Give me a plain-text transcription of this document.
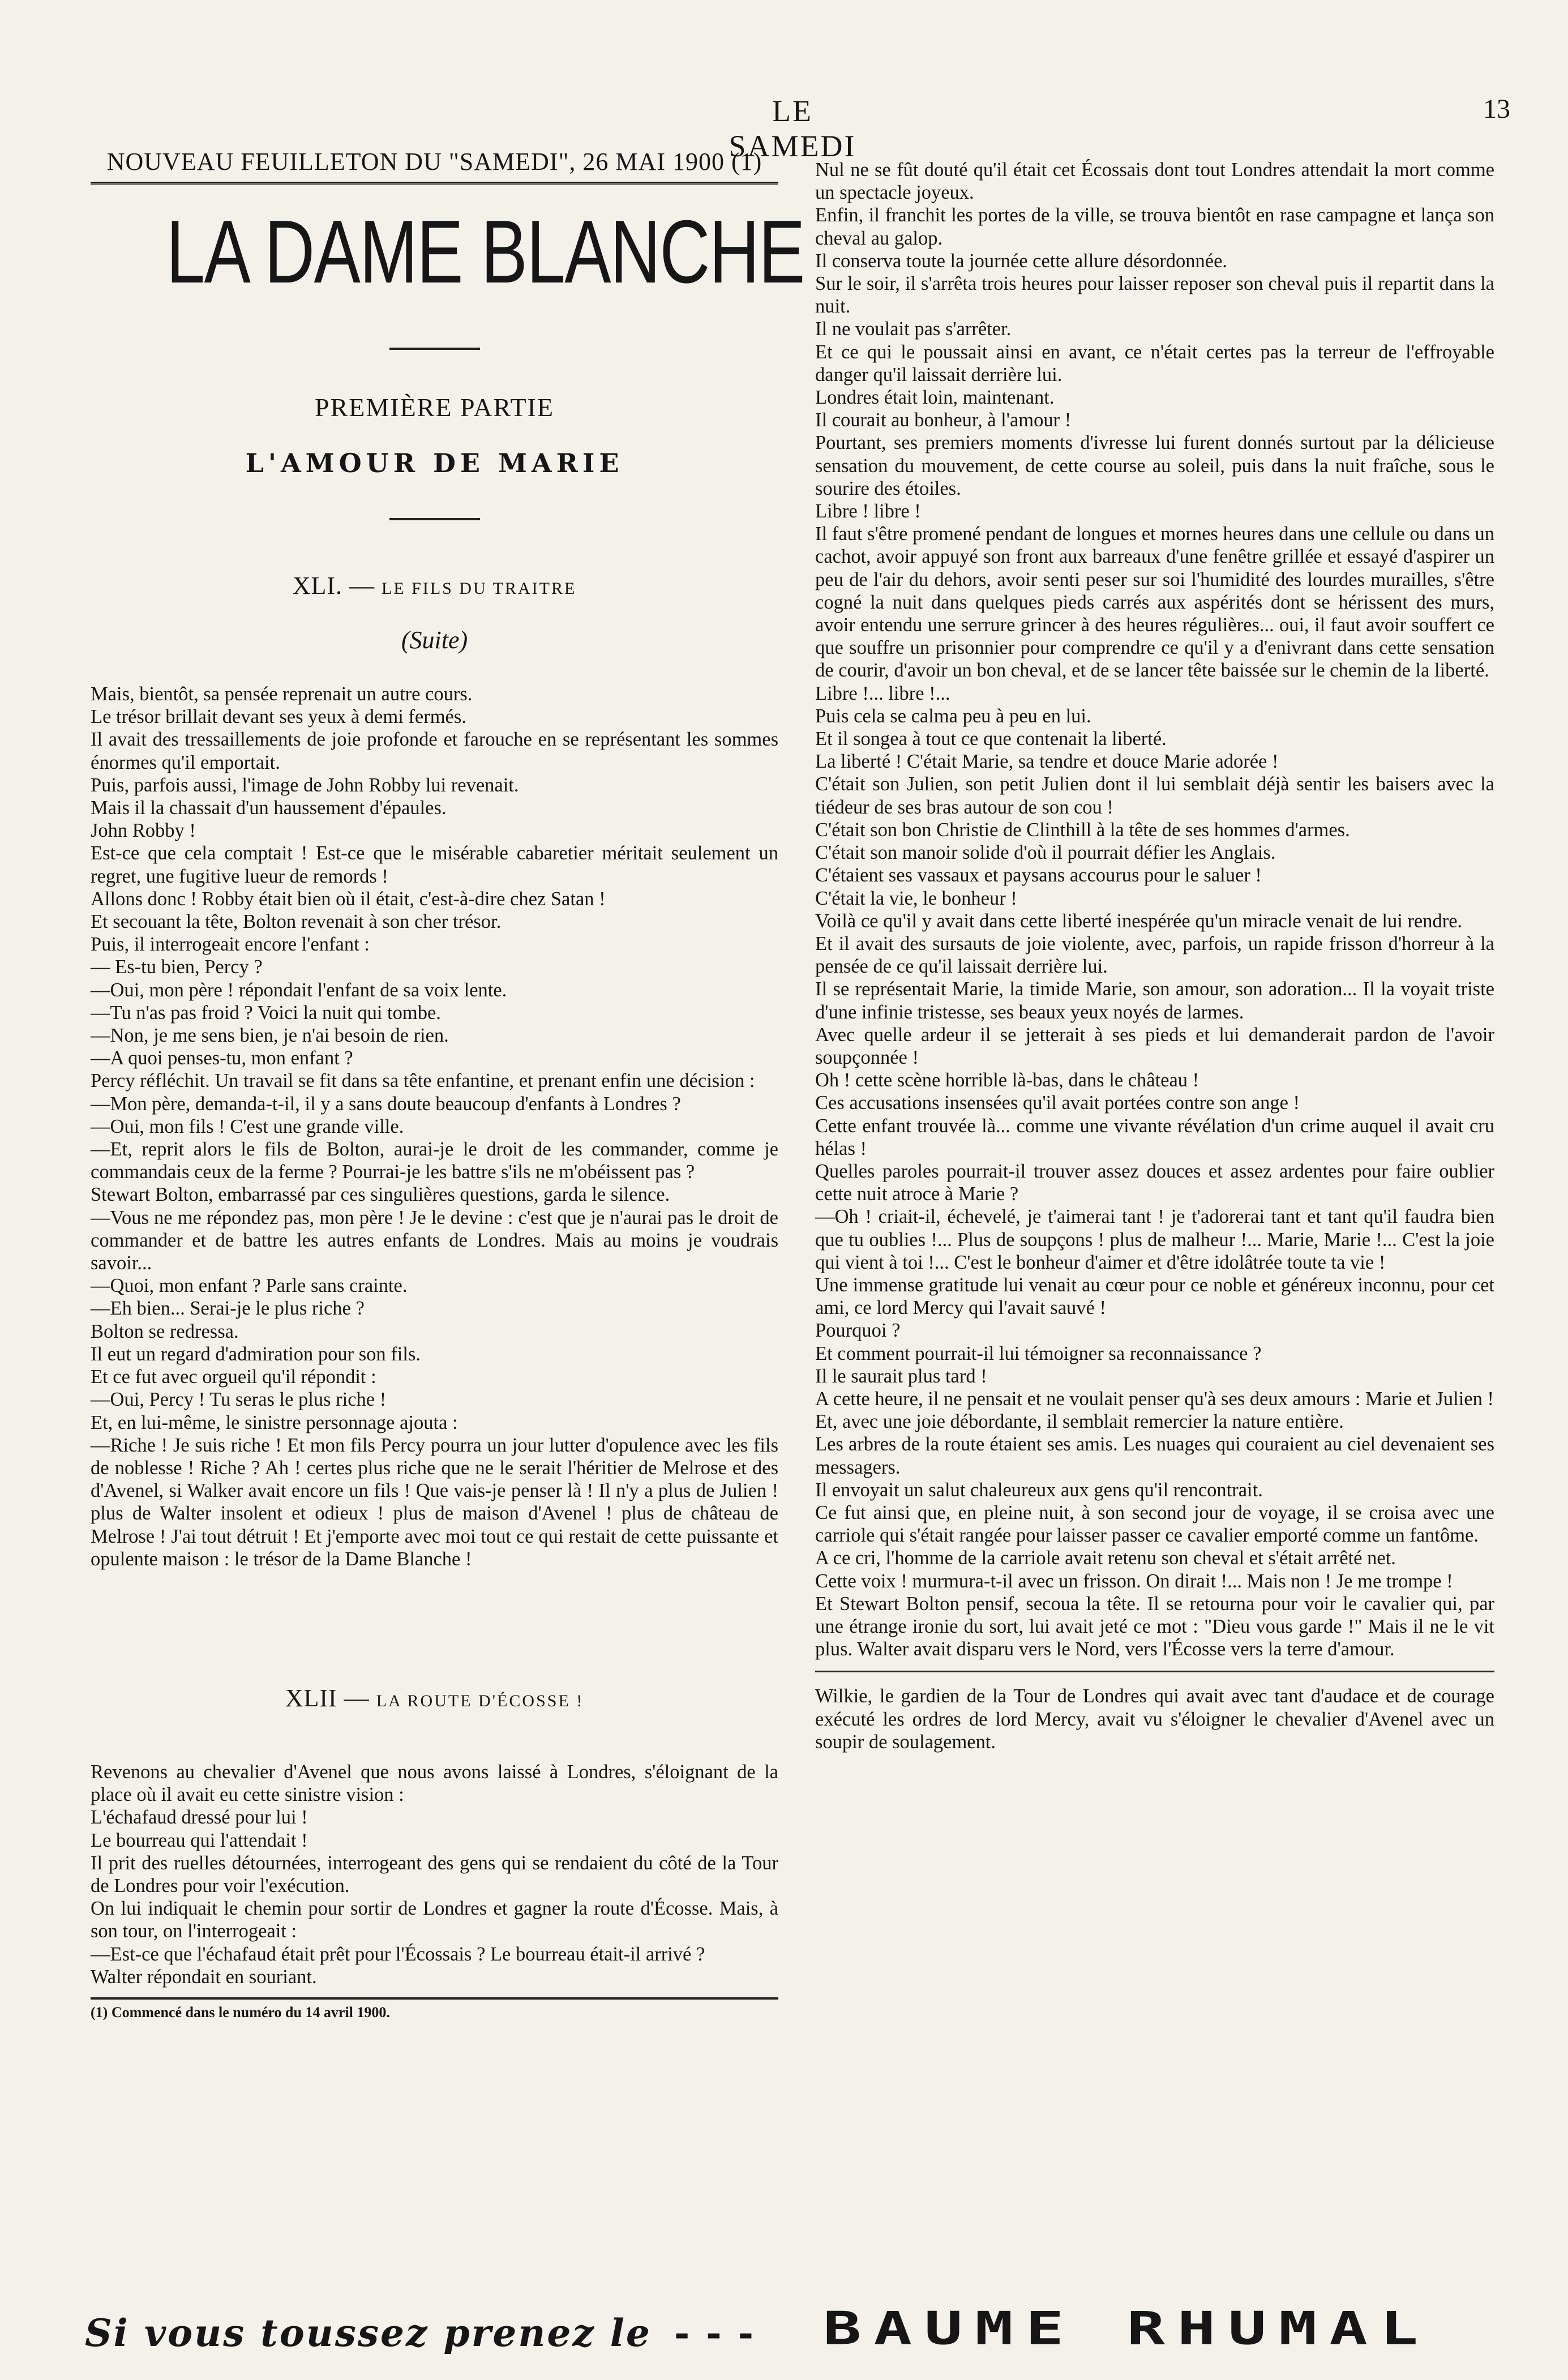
LE SAMEDI
13
NOUVEAU FEUILLETON DU "SAMEDI", 26 MAI 1900 (1)
LA DAME BLANCHE
PREMIÈRE PARTIE
L'AMOUR DE MARIE
XLI. — LE FILS DU TRAITRE
(Suite)

Mais, bientôt, sa pensée reprenait un autre cours.

Le trésor brillait devant ses yeux à demi fermés.

Il avait des tressaillements de joie profonde et farouche en se représentant les sommes énormes qu'il emportait.

Puis, parfois aussi, l'image de John Robby lui revenait.

Mais il la chassait d'un haussement d'épaules.

John Robby !

Est-ce que cela comptait ! Est-ce que le misérable cabaretier méritait seulement un regret, une fugitive lueur de remords !

Allons donc ! Robby était bien où il était, c'est-à-dire chez Satan !

Et secouant la tête, Bolton revenait à son cher trésor.

Puis, il interrogeait encore l'enfant :

— Es-tu bien, Percy ?

—Oui, mon père ! répondait l'enfant de sa voix lente.

—Tu n'as pas froid ? Voici la nuit qui tombe.

—Non, je me sens bien, je n'ai besoin de rien.

—A quoi penses-tu, mon enfant ?

Percy réfléchit. Un travail se fit dans sa tête enfantine, et prenant enfin une décision :

—Mon père, demanda-t-il, il y a sans doute beaucoup d'enfants à Londres ?

—Oui, mon fils ! C'est une grande ville.

—Et, reprit alors le fils de Bolton, aurai-je le droit de les commander, comme je commandais ceux de la ferme ? Pourrai-je les battre s'ils ne m'obéissent pas ?

Stewart Bolton, embarrassé par ces singulières questions, garda le silence.

—Vous ne me répondez pas, mon père ! Je le devine : c'est que je n'aurai pas le droit de commander et de battre les autres enfants de Londres. Mais au moins je voudrais savoir...

—Quoi, mon enfant ? Parle sans crainte.

—Eh bien... Serai-je le plus riche ?

Bolton se redressa.

Il eut un regard d'admiration pour son fils.

Et ce fut avec orgueil qu'il répondit :

—Oui, Percy ! Tu seras le plus riche !

Et, en lui-même, le sinistre personnage ajouta :

—Riche ! Je suis riche ! Et mon fils Percy pourra un jour lutter d'opulence avec les fils de noblesse ! Riche ? Ah ! certes plus riche que ne le serait l'héritier de Melrose et des d'Avenel, si Walker avait encore un fils ! Que vais-je penser là ! Il n'y a plus de Julien ! plus de Walter insolent et odieux ! plus de maison d'Avenel ! plus de château de Melrose ! J'ai tout détruit ! Et j'emporte avec moi tout ce qui restait de cette puissante et opulente maison : le trésor de la Dame Blanche !

XLII — LA ROUTE D'ÉCOSSE !

Revenons au chevalier d'Avenel que nous avons laissé à Londres, s'éloignant de la place où il avait eu cette sinistre vision :

L'échafaud dressé pour lui !

Le bourreau qui l'attendait !

Il prit des ruelles détournées, interrogeant des gens qui se rendaient du côté de la Tour de Londres pour voir l'exécution.

On lui indiquait le chemin pour sortir de Londres et gagner la route d'Écosse. Mais, à son tour, on l'interrogeait :

—Est-ce que l'échafaud était prêt pour l'Écossais ? Le bourreau était-il arrivé ?

Walter répondait en souriant.

(1) Commencé dans le numéro du 14 avril 1900.

Nul ne se fût douté qu'il était cet Écossais dont tout Londres attendait la mort comme un spectacle joyeux.

Enfin, il franchit les portes de la ville, se trouva bientôt en rase campagne et lança son cheval au galop.

Il conserva toute la journée cette allure désordonnée.

Sur le soir, il s'arrêta trois heures pour laisser reposer son cheval puis il repartit dans la nuit.

Il ne voulait pas s'arrêter.

Et ce qui le poussait ainsi en avant, ce n'était certes pas la terreur de l'effroyable danger qu'il laissait derrière lui.

Londres était loin, maintenant.

Il courait au bonheur, à l'amour !

Pourtant, ses premiers moments d'ivresse lui furent donnés surtout par la délicieuse sensation du mouvement, de cette course au soleil, puis dans la nuit fraîche, sous le sourire des étoiles.

Libre ! libre !

Il faut s'être promené pendant de longues et mornes heures dans une cellule ou dans un cachot, avoir appuyé son front aux barreaux d'une fenêtre grillée et essayé d'aspirer un peu de l'air du dehors, avoir senti peser sur soi l'humidité des lourdes murailles, s'être cogné la nuit dans quelques pieds carrés aux aspérités dont se hérissent des murs, avoir entendu une serrure grincer à des heures régulières... oui, il faut avoir souffert ce que souffre un prisonnier pour comprendre ce qu'il y a d'enivrant dans cette sensation de courir, d'avoir un bon cheval, et de se lancer tête baissée sur le chemin de la liberté.

Libre !... libre !...

Puis cela se calma peu à peu en lui.

Et il songea à tout ce que contenait la liberté.

La liberté ! C'était Marie, sa tendre et douce Marie adorée !

C'était son Julien, son petit Julien dont il lui semblait déjà sentir les baisers avec la tiédeur de ses bras autour de son cou !

C'était son bon Christie de Clinthill à la tête de ses hommes d'armes.

C'était son manoir solide d'où il pourrait défier les Anglais.

C'étaient ses vassaux et paysans accourus pour le saluer !

C'était la vie, le bonheur !

Voilà ce qu'il y avait dans cette liberté inespérée qu'un miracle venait de lui rendre.

Et il avait des sursauts de joie violente, avec, parfois, un rapide frisson d'horreur à la pensée de ce qu'il laissait derrière lui.

Il se représentait Marie, la timide Marie, son amour, son adoration... Il la voyait triste d'une infinie tristesse, ses beaux yeux noyés de larmes.

Avec quelle ardeur il se jetterait à ses pieds et lui demanderait pardon de l'avoir soupçonnée !

Oh ! cette scène horrible là-bas, dans le château !

Ces accusations insensées qu'il avait portées contre son ange !

Cette enfant trouvée là... comme une vivante révélation d'un crime auquel il avait cru hélas !

Quelles paroles pourrait-il trouver assez douces et assez ardentes pour faire oublier cette nuit atroce à Marie ?

—Oh ! criait-il, échevelé, je t'aimerai tant ! je t'adorerai tant et tant qu'il faudra bien que tu oublies !... Plus de soupçons ! plus de malheur !... Marie, Marie !... C'est la joie qui vient à toi !... C'est le bonheur d'aimer et d'être idolâtrée toute ta vie !

Une immense gratitude lui venait au cœur pour ce noble et généreux inconnu, pour cet ami, ce lord Mercy qui l'avait sauvé !

Pourquoi ?

Et comment pourrait-il lui témoigner sa reconnaissance ?

Il le saurait plus tard !

A cette heure, il ne pensait et ne voulait penser qu'à ses deux amours : Marie et Julien !

Et, avec une joie débordante, il semblait remercier la nature entière.

Les arbres de la route étaient ses amis. Les nuages qui couraient au ciel devenaient ses messagers.

Il envoyait un salut chaleureux aux gens qu'il rencontrait.

Ce fut ainsi que, en pleine nuit, à son second jour de voyage, il se croisa avec une carriole qui s'était rangée pour laisser passer ce cavalier emporté comme un fantôme.

A ce cri, l'homme de la carriole avait retenu son cheval et s'était arrêté net.

Cette voix ! murmura-t-il avec un frisson. On dirait !... Mais non ! Je me trompe !

Et Stewart Bolton pensif, secoua la tête. Il se retourna pour voir le cavalier qui, par une étrange ironie du sort, lui avait jeté ce mot : "Dieu vous garde !" Mais il ne le vit plus. Walter avait disparu vers le Nord, vers l'Écosse vers la terre d'amour.

Wilkie, le gardien de la Tour de Londres qui avait avec tant d'audace et de courage exécuté les ordres de lord Mercy, avait vu s'éloigner le chevalier d'Avenel avec un soupir de soulagement.
Si vous toussez prenez le - - - BAUME RHUMAL
